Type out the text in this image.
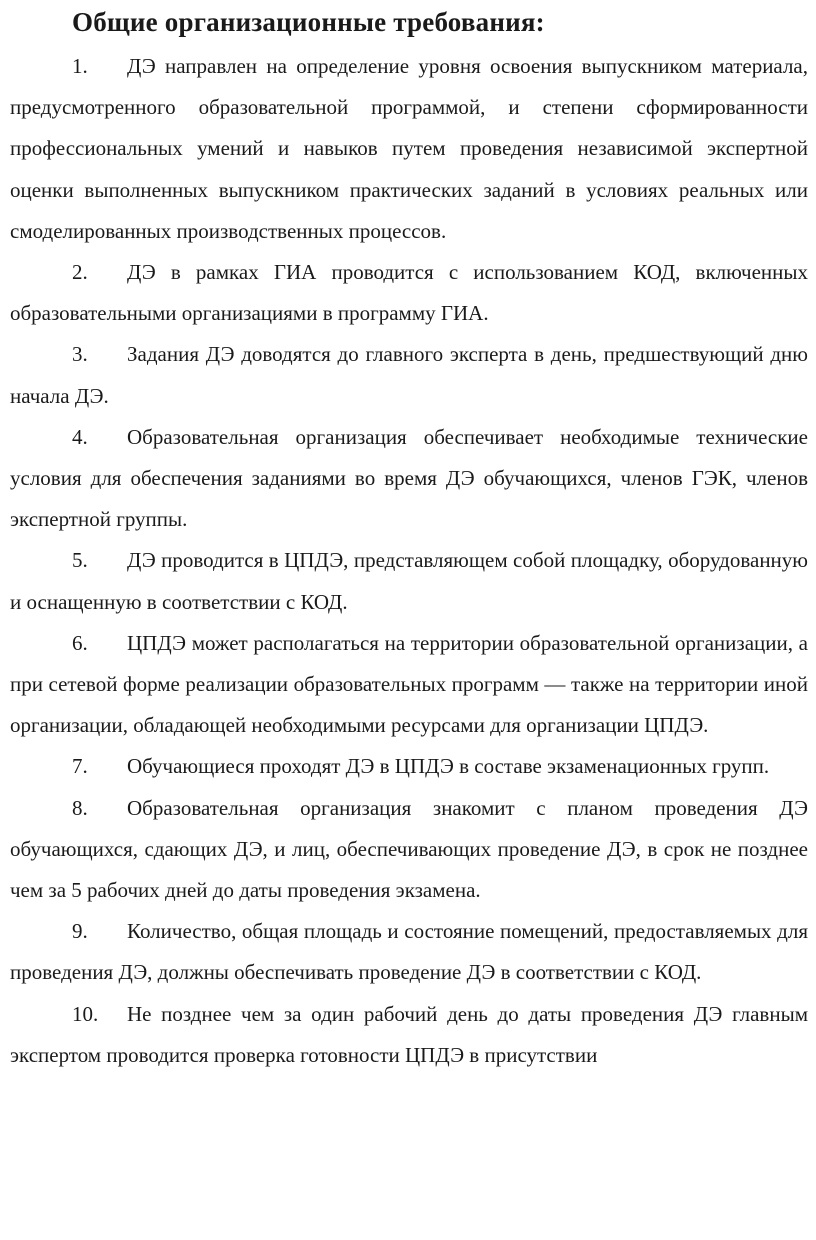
Общие организационные требования:

1. ДЭ направлен на определение уровня освоения выпускником материала, предусмотренного образовательной программой, и степени сформированности профессиональных умений и навыков путем проведения независимой экспертной оценки выполненных выпускником практических заданий в условиях реальных или смоделированных производственных процессов.

2. ДЭ в рамках ГИА проводится с использованием КОД, включенных образовательными организациями в программу ГИА.

3. Задания ДЭ доводятся до главного эксперта в день, предшествующий дню начала ДЭ.

4. Образовательная организация обеспечивает необходимые технические условия для обеспечения заданиями во время ДЭ обучающихся, членов ГЭК, членов экспертной группы.

5. ДЭ проводится в ЦПДЭ, представляющем собой площадку, оборудованную и оснащенную в соответствии с КОД.

6. ЦПДЭ может располагаться на территории образовательной организации, а при сетевой форме реализации образовательных программ — также на территории иной организации, обладающей необходимыми ресурсами для организации ЦПДЭ.

7. Обучающиеся проходят ДЭ в ЦПДЭ в составе экзаменационных групп.

8. Образовательная организация знакомит с планом проведения ДЭ обучающихся, сдающих ДЭ, и лиц, обеспечивающих проведение ДЭ, в срок не позднее чем за 5 рабочих дней до даты проведения экзамена.

9. Количество, общая площадь и состояние помещений, предоставляемых для проведения ДЭ, должны обеспечивать проведение ДЭ в соответствии с КОД.

10. Не позднее чем за один рабочий день до даты проведения ДЭ главным экспертом проводится проверка готовности ЦПДЭ в присутствии
